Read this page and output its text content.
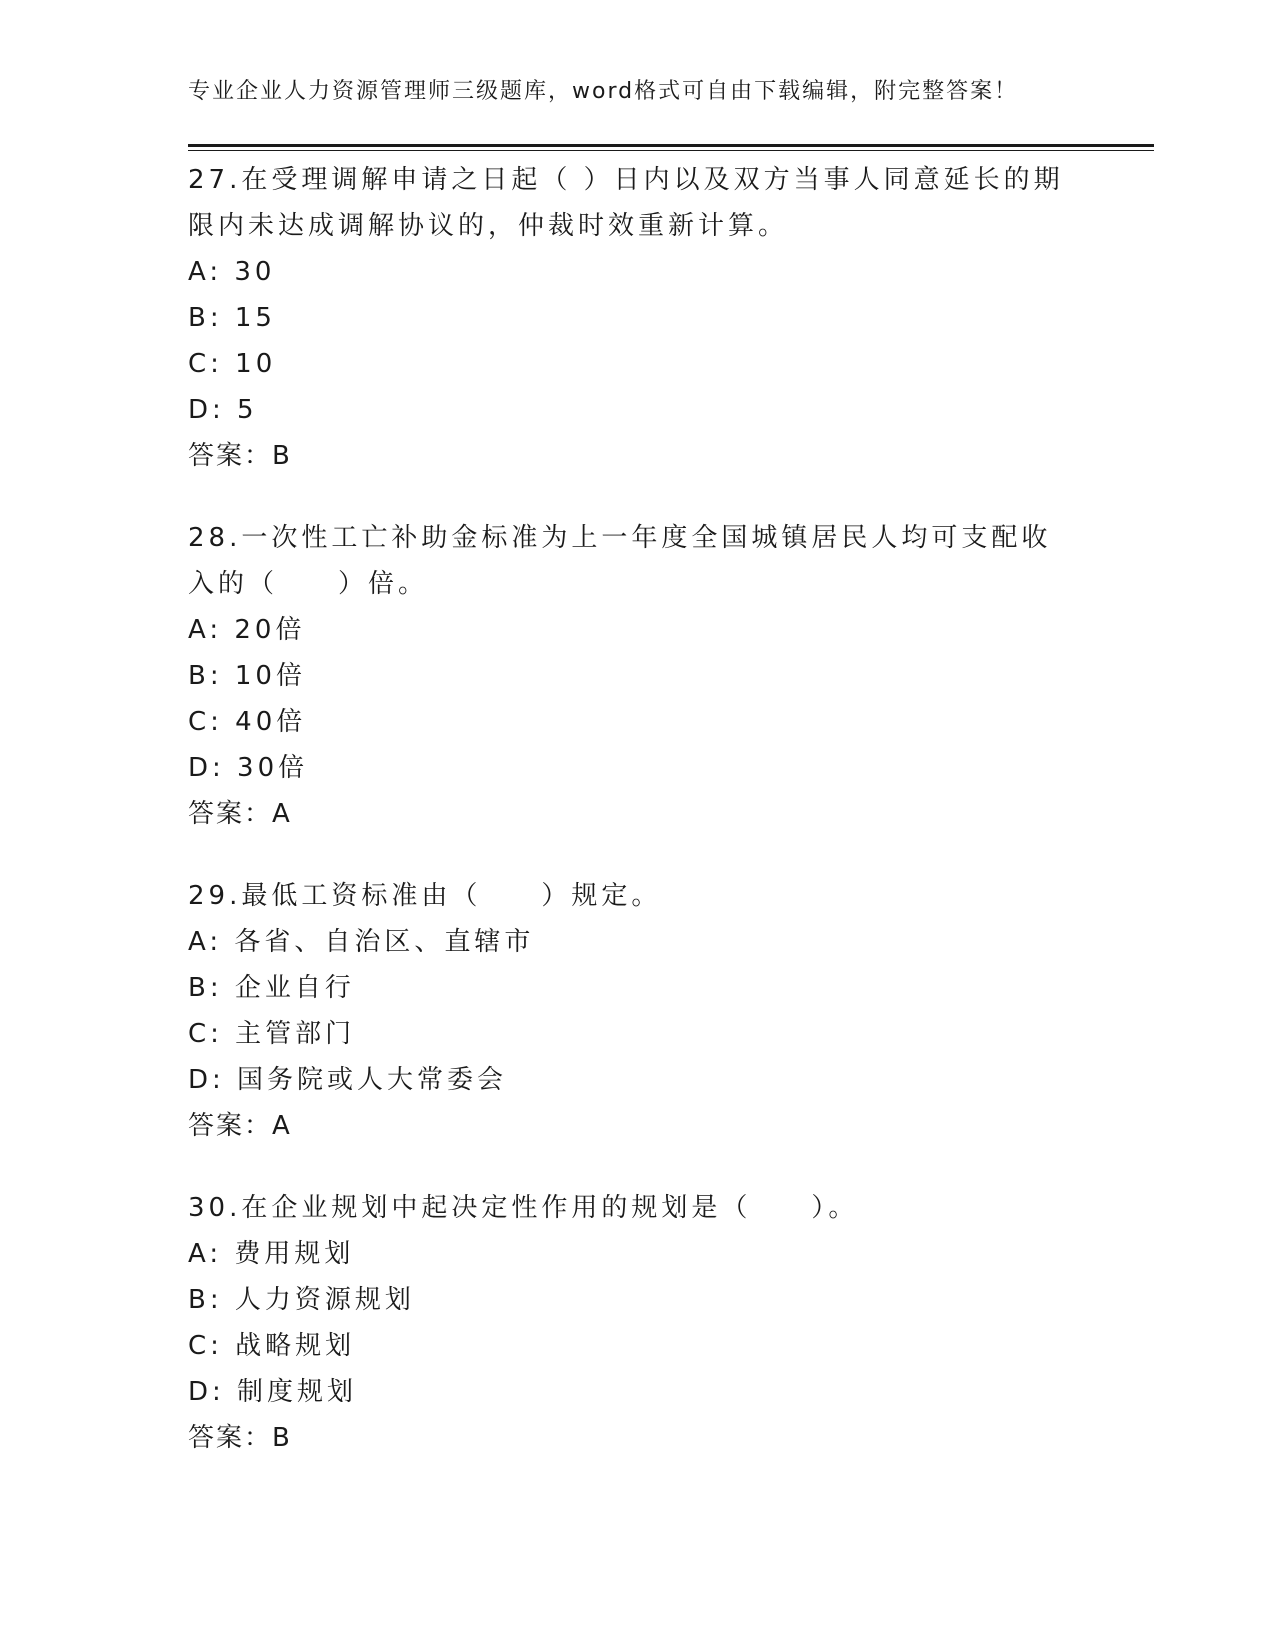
专业企业人力资源管理师三级题库，word格式可自由下载编辑，附完整答案！
27.在受理调解申请之日起（ ）日内以及双方当事人同意延长的期限内未达成调解协议的，仲裁时效重新计算。
A: 30
B: 15
C: 10
D: 5
答案：B
28.一次性工亡补助金标准为上一年度全国城镇居民人均可支配收入的（　　）倍。
A: 20倍
B: 10倍
C: 40倍
D: 30倍
答案：A
29.最低工资标准由（　　）规定。
A: 各省、自治区、直辖市
B: 企业自行
C: 主管部门
D: 国务院或人大常委会
答案：A
30.在企业规划中起决定性作用的规划是（　　）。
A: 费用规划
B: 人力资源规划
C: 战略规划
D: 制度规划
答案：B
